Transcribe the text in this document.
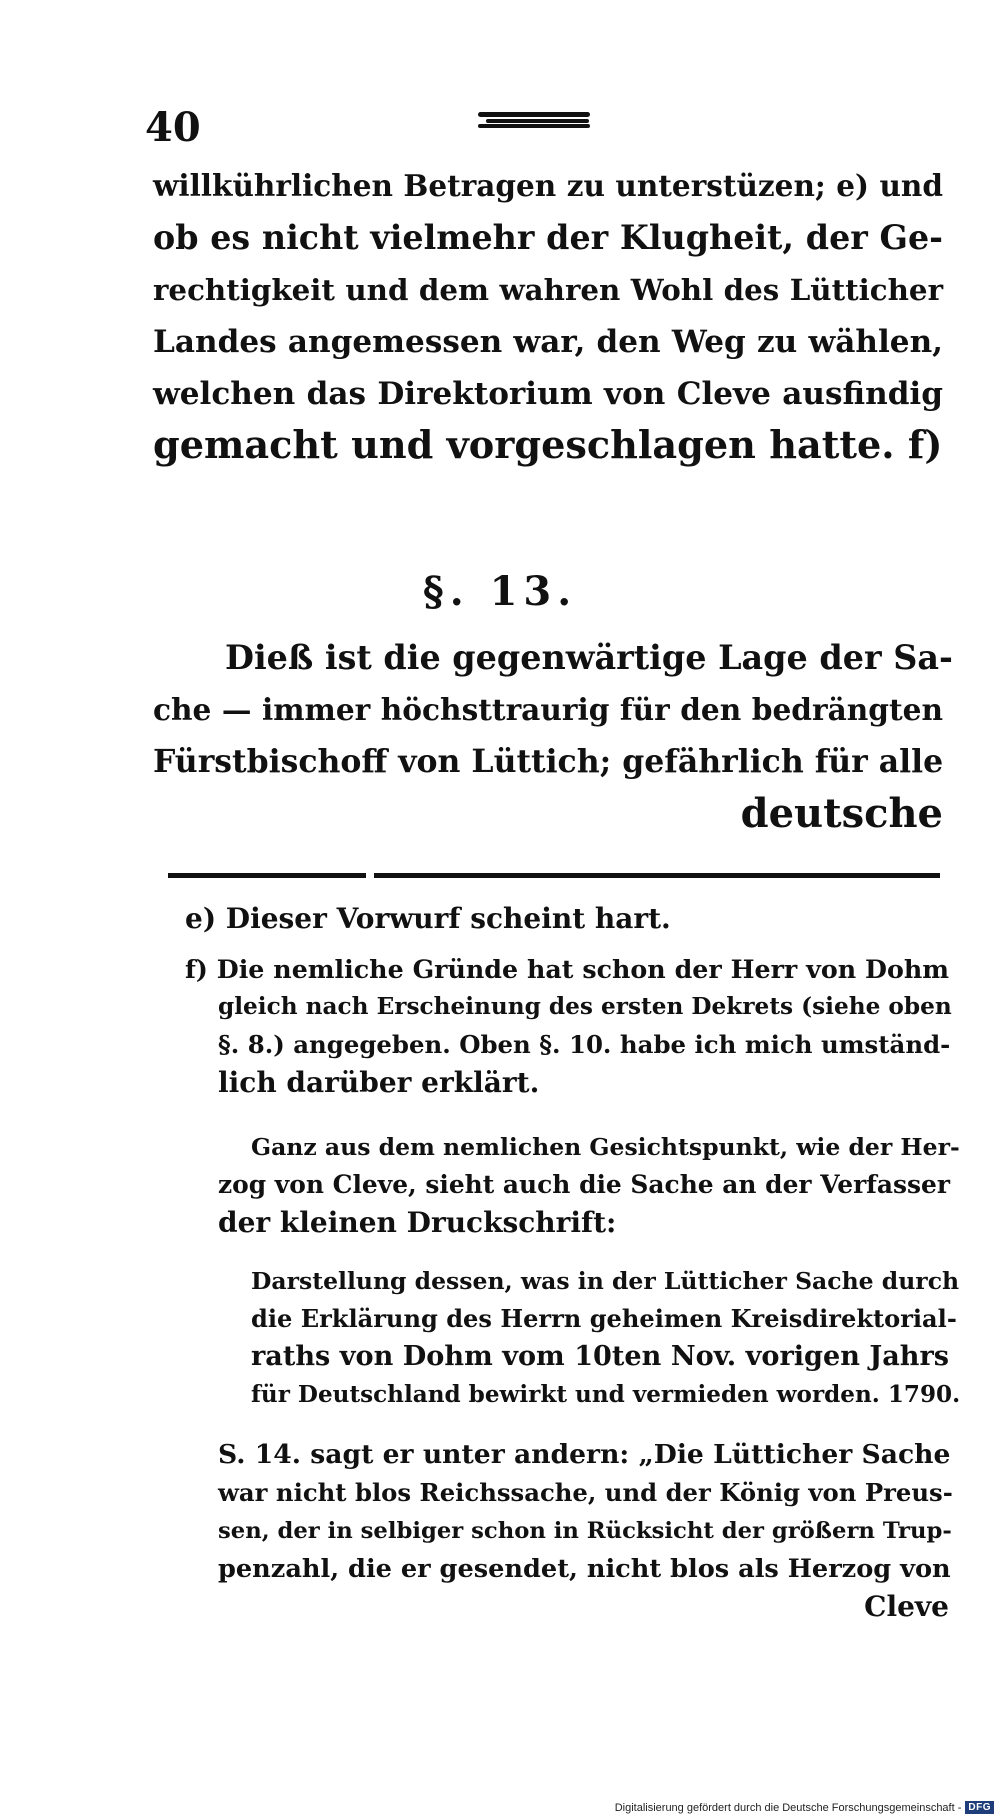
40
willkührlichen Betragen zu unterstüzen; e) und
ob es nicht vielmehr der Klugheit, der Ge-
rechtigkeit und dem wahren Wohl des Lütticher
Landes angemessen war, den Weg zu wählen,
welchen das Direktorium von Cleve ausfindig
gemacht und vorgeschlagen hatte. f)
§. 13.
Dieß ist die gegenwärtige Lage der Sa-
che — immer höchsttraurig für den bedrängten
Fürstbischoff von Lüttich; gefährlich für alle
deutsche
e) Dieser Vorwurf scheint hart.
f) Die nemliche Gründe hat schon der Herr von Dohm
gleich nach Erscheinung des ersten Dekrets (siehe oben
§. 8.) angegeben. Oben §. 10. habe ich mich umständ-
lich darüber erklärt.
Ganz aus dem nemlichen Gesichtspunkt, wie der Her-
zog von Cleve, sieht auch die Sache an der Verfasser
der kleinen Druckschrift:
Darstellung dessen, was in der Lütticher Sache durch
die Erklärung des Herrn geheimen Kreisdirektorial-
raths von Dohm vom 10ten Nov. vorigen Jahrs
für Deutschland bewirkt und vermieden worden. 1790.
S. 14. sagt er unter andern: „Die Lütticher Sache
war nicht blos Reichssache, und der König von Preus-
sen, der in selbiger schon in Rücksicht der größern Trup-
penzahl, die er gesendet, nicht blos als Herzog von
Cleve
Digitalisierung gefördert durch die Deutsche Forschungsgemeinschaft - DFG
